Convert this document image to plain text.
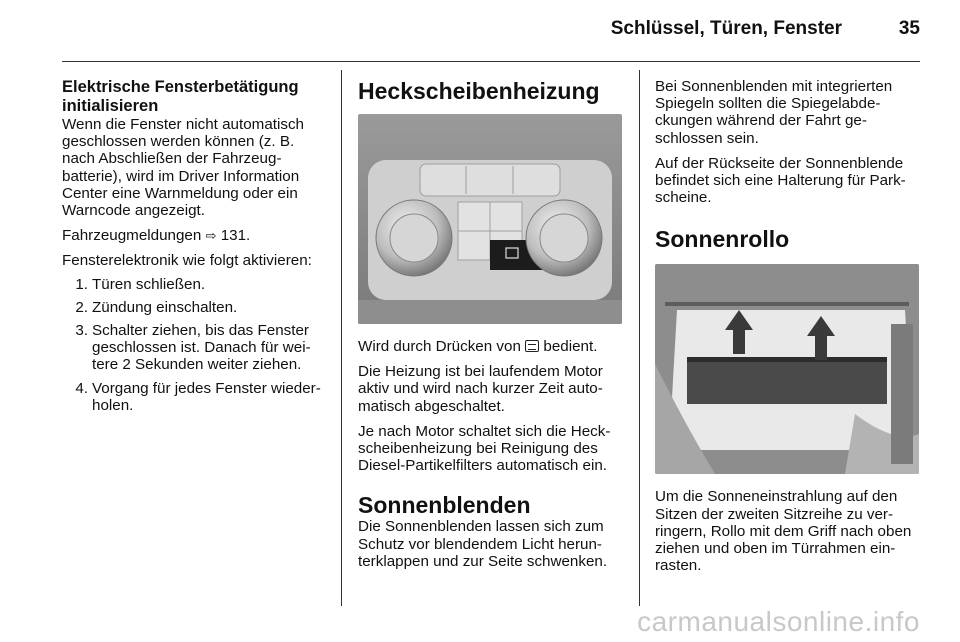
Schlüssel, Türen, Fenster	35
Elektrische Fensterbetätigung initialisieren

Wenn die Fenster nicht automatisch geschlossen werden können (z. B. nach Abschließen der Fahrzeug- batterie), wird im Driver Information Center eine Warnmeldung oder ein Warncode angezeigt.

Fahrzeugmeldungen ⇨ 131.

Fensterelektronik wie folgt aktivieren:

1. Türen schließen.
2. Zündung einschalten.
3. Schalter ziehen, bis das Fenster geschlossen ist. Danach für wei- tere 2 Sekunden weiter ziehen.
4. Vorgang für jedes Fenster wieder- holen.
Heckscheibenheizung

Wird durch Drücken von bedient.

Die Heizung ist bei laufendem Motor aktiv und wird nach kurzer Zeit auto- matisch abgeschaltet.

Je nach Motor schaltet sich die Heck- scheibenheizung bei Reinigung des Diesel-Partikelfilters automatisch ein.

Sonnenblenden

Die Sonnenblenden lassen sich zum Schutz vor blendendem Licht herun- terklappen und zur Seite schwenken.

Bei Sonnenblenden mit integrierten Spiegeln sollten die Spiegelabde- ckungen während der Fahrt ge- schlossen sein.

Auf der Rückseite der Sonnenblende befindet sich eine Halterung für Park- scheine.

Sonnenrollo

Um die Sonneneinstrahlung auf den Sitzen der zweiten Sitzreihe zu ver- ringern, Rollo mit dem Griff nach oben ziehen und oben im Türrahmen ein- rasten.

carmanualsonline.info
